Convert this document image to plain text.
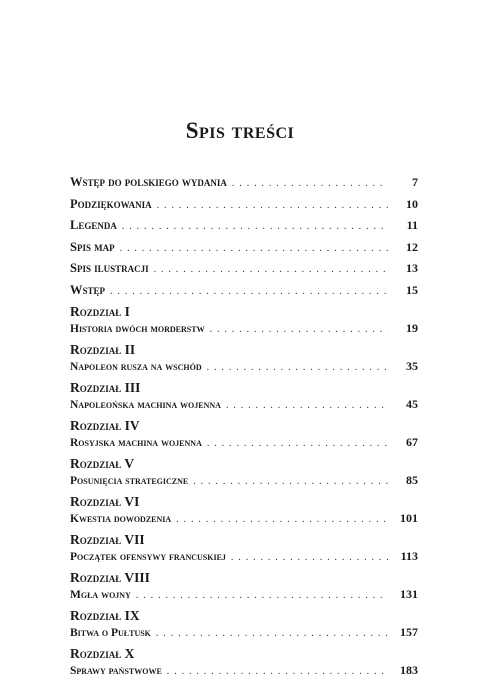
Spis treści
Wstęp do polskiego wydania . . .	7
Podziękowania . . .	10
Legenda . . .	11
Spis map . . .	12
Spis ilustracji . . .	13
Wstęp . . .	15
Rozdział I
Historia dwóch morderstw . . .	19
Rozdział II
Napoleon rusza na wschód . . .	35
Rozdział III
Napoleońska machina wojenna . . .	45
Rozdział IV
Rosyjska machina wojenna . . .	67
Rozdział V
Posunięcia strategiczne . . .	85
Rozdział VI
Kwestia dowodzenia . . .	101
Rozdział VII
Początek ofensywy francuskiej . . .	113
Rozdział VIII
Mgła wojny . . .	131
Rozdział IX
Bitwa o Pułtusk . . .	157
Rozdział X
Sprawy państwowe . . .	183
